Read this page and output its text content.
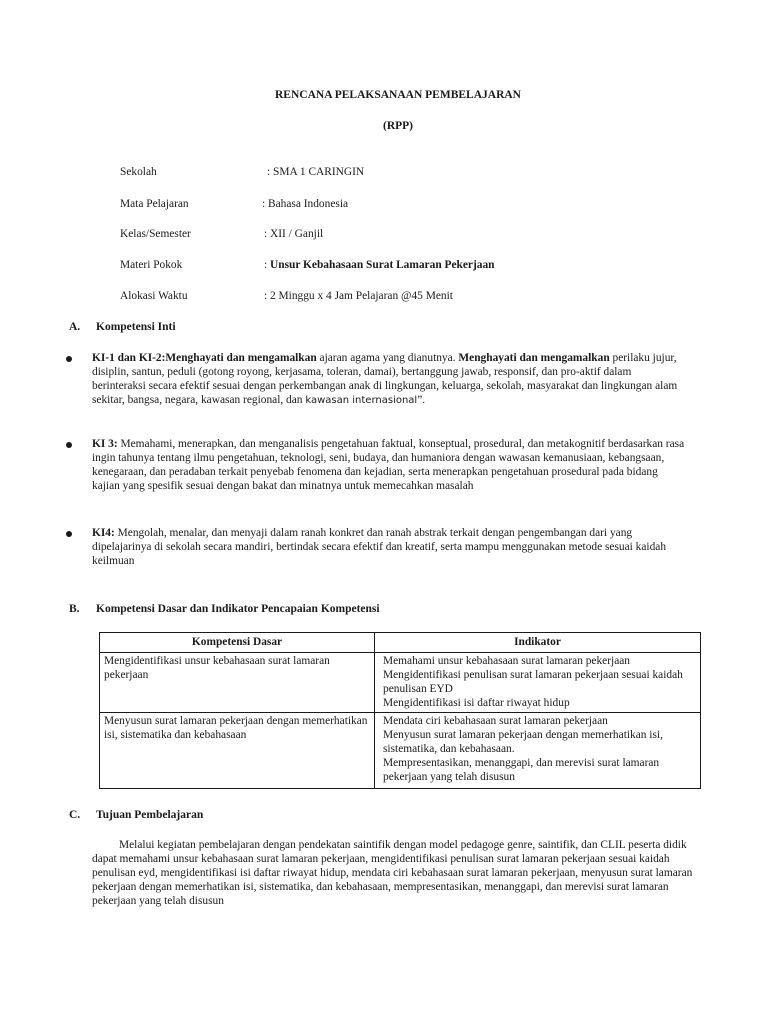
RENCANA PELAKSANAAN PEMBELAJARAN
(RPP)
Sekolah	: SMA 1 CARINGIN
Mata Pelajaran	: Bahasa Indonesia
Kelas/Semester	: XII / Ganjil
Materi Pokok	: Unsur Kebahasaan Surat Lamaran Pekerjaan
Alokasi Waktu	: 2 Minggu x 4 Jam Pelajaran @45 Menit
A. Kompetensi Inti
KI-1 dan KI-2:Menghayati dan mengamalkan ajaran agama yang dianutnya. Menghayati dan mengamalkan perilaku jujur, disiplin, santun, peduli (gotong royong, kerjasama, toleran, damai), bertanggung jawab, responsif, dan pro-aktif dalam berinteraksi secara efektif sesuai dengan perkembangan anak di lingkungan, keluarga, sekolah, masyarakat dan lingkungan alam sekitar, bangsa, negara, kawasan regional, dan kawasan internasional”.
KI 3: Memahami, menerapkan, dan menganalisis pengetahuan faktual, konseptual, prosedural, dan metakognitif berdasarkan rasa ingin tahunya tentang ilmu pengetahuan, teknologi, seni, budaya, dan humaniora dengan wawasan kemanusiaan, kebangsaan, kenegaraan, dan peradaban terkait penyebab fenomena dan kejadian, serta menerapkan pengetahuan prosedural pada bidang kajian yang spesifik sesuai dengan bakat dan minatnya untuk memecahkan masalah
KI4: Mengolah, menalar, dan menyaji dalam ranah konkret dan ranah abstrak terkait dengan pengembangan dari yang dipelajarinya di sekolah secara mandiri, bertindak secara efektif dan kreatif, serta mampu menggunakan metode sesuai kaidah keilmuan
B. Kompetensi Dasar dan Indikator Pencapaian Kompetensi
Kompetensi Dasar	Indikator
Mengidentifikasi unsur kebahasaan surat lamaran pekerjaan	Memahami unsur kebahasaan surat lamaran pekerjaan
Mengidentifikasi penulisan surat lamaran pekerjaan sesuai kaidah penulisan EYD
Mengidentifikasi isi daftar riwayat hidup

Menyusun surat lamaran pekerjaan dengan memerhatikan isi, sistematika dan kebahasaan	Mendata ciri kebahasaan surat lamaran pekerjaan
Menyusun surat lamaran pekerjaan dengan memerhatikan isi, sistematika, dan kebahasaan.
Mempresentasikan, menanggapi, dan merevisi surat lamaran pekerjaan yang telah disusun
C. Tujuan Pembelajaran
Melalui kegiatan pembelajaran dengan pendekatan saintifik dengan model pedagoge genre, saintifik, dan CLIL peserta didik dapat memahami unsur kebahasaan surat lamaran pekerjaan, mengidentifikasi penulisan surat lamaran pekerjaan sesuai kaidah penulisan eyd, mengidentifikasi isi daftar riwayat hidup, mendata ciri kebahasaan surat lamaran pekerjaan, menyusun surat lamaran pekerjaan dengan memerhatikan isi, sistematika, dan kebahasaan, mempresentasikan, menanggapi, dan merevisi surat lamaran pekerjaan yang telah disusun
